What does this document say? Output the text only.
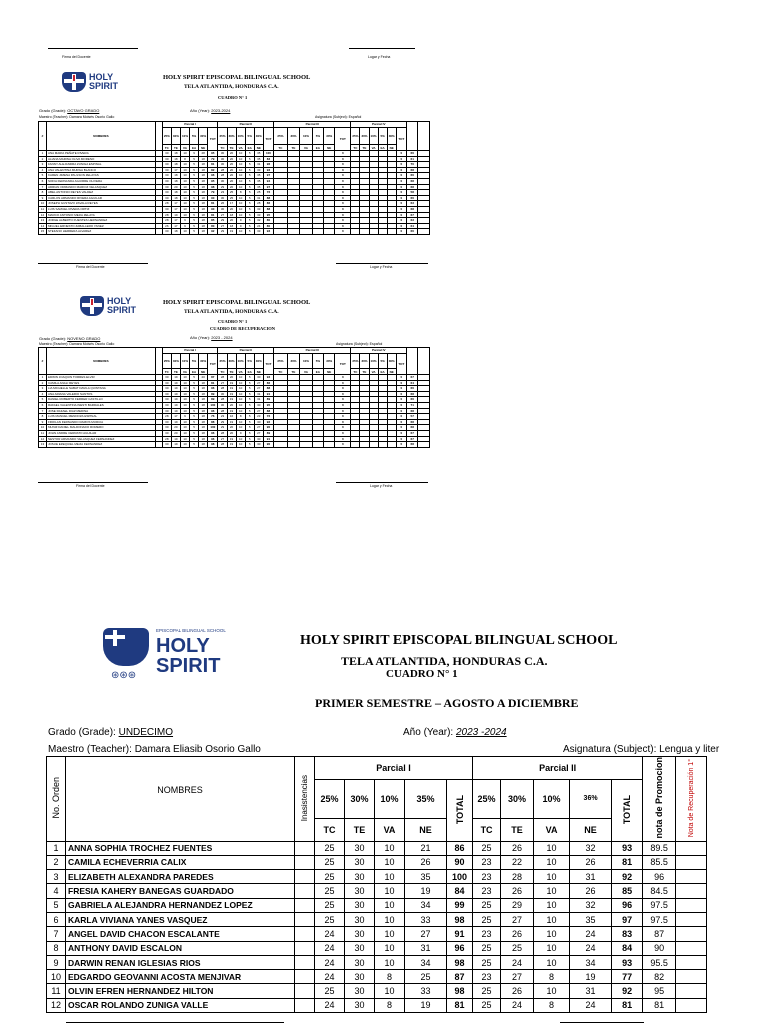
Firma del Docente	Lugar y Fecha
HOLY
SPIRIT
HOLY SPIRIT EPISCOPAL BILINGUAL SCHOOL
TELA ATLANTIDA, HONDURAS C.A.
CUADRO N° 1
Grado (Grade): OCTAVO GRADO	Año (Year): 2023-2024
Maestro (Teacher): Damara Moisés Osorio Gallo	Asignatura (Subject): Español
#	NOMBRES		Parcial I						Parcial II						Parcial III						Parcial IV							
			25%	30%	10%	5%	30%	TOT	25%	30%	10%	5%	30%	TOT	25%	30%	10%	5%	30%	TOT	25%	30%	10%	5%	30%	TOT		
			TC	TE	VA	EA	NE		TC	TE	VA	EA	NE		TC	TE	VA	EA	NE		TC	TE	VA	EA	NE			
1	ANA MARIA PEÑATE RIVERA		30	18	10	9	28	95	30	20	10	5	35	100						0						0	66	
2	ALIANA MARINA OLIVA MORENO		30	18	8	5	18	79	30	20	10	5	35	83						0						0	61	
3	FANNY ALEJANDRA ZUNIGA ESPINAL		30	18	10	5	18	81	30	20	10	5	31	96						0						0	70	
4	ANA VALENTINA MURGA BLANCO		30	17	10	5	18	82	28	20	10	5	33	93						0						0	68	
5	KAREN JIMENA PAULSON ZELAYAS		30	18	10	5	18	96	28	20	10	5	35	97						0						0	66	
6	SOFIA FERNANDA AGUIRRE OLIVERA		30	18	10	5	18	95	30	20	10	5	35	94						0						0	68	
7	ADRIAN ORMANDO MARIOZ VELASQUEZ		30	20	10	5	18	98	29	20	10	5	35	97						0						0	68	
8	ABEL ANTONIO REYES VALDEZ		30	18	10	5	18	79	23	25	8	5	25	76						0						0	58	
9	CARLOS ARMANDO RIVERA AGUILAR		30	18	10	5	18	90	30	25	10	5	31	88						0						0	66	
10	JOSEPH GUSTAVO ZAVALA REYES		28	17	10	5	18	81	26	17	10	5	28	86						0						0	63	
11	LUIS SAMUEL RIVERA ORTIZ		30	17	10	5	18	90	30	20	10	5	33	88						0						0	68	
12	MARCO ANTONIO MEJIA ZELAYA		28	19	10	5	18	81	27	18	10	5	33	95						0						0	67	
13	JORGE ALBERTO FUENTES HERNANDEZ		28	17	9	5	18	85	29	20	9	5	32	80						0						0	63	
14	MIGUEL ERNESTO ZABALLERO YANEZ		26	17	9	5	18	80	27	18	9	5	24	80						0						0	64	
15	STEFANO HERRERA ALVAREZ		30	18	10	5	18	92	29	19	10	5	33	93						0						0	66	
Firma del Docente	Lugar y Fecha
HOLY
SPIRIT
HOLY SPIRIT EPISCOPAL BILINGUAL SCHOOL
TELA ATLANTIDA, HONDURAS C.A.
CUADRO N° 1
CUADRO DE RECUPERACION
Grado (Grade): NOVENO GRADO	Año (Year): 2023 - 2024
Maestro (Teacher): Damara Moisés Osorio Gallo	Asignatura (Subject): Español
#	NOMBRES		Parcial I						Parcial II						Parcial III						Parcial IV							
			25%	30%	10%	5%	30%	TOT	25%	30%	10%	5%	30%	TOT	25%	30%	10%	5%	30%	TOT	25%	30%	10%	5%	30%	TOT		
			TC	TE	VA	EA	NE		TC	TE	VA	EA	NE		TC	TE	VA	EA	NE		TC	TE	VA	EA	NE			
1	EDWIN JOAQUIN TORRES ELVIR		30	19	10	5	20	87	28	20	10	5	30	93						0						0	67	
2	CAMILA ANALI REYES		30	19	10	5	18	81	27	19	10	5	27	86						0						0	64	
3	LIA MICHELLE SABAT DAVILA QUINTANA		30	19	10	5	18	96	28	19	10	5	27	88						0						0	66	
4	ANA ARIANA VALERIO SANTOS		30	19	10	5	18	89	30	19	10	5	31	91						0						0	68	
5	DANIEL ROBERTO FERRER CASTILLO		30	19	10	5	18	89	28	19	10	5	31	89						0						0	66	
6	RAFAEL VALENTINA INESTI BARDALES		30	19	10	5	18	100	30	20	10	5	30	95						0						0	71	
7	JOSE RAFAEL DIAZ MEDINA		30	19	10	5	18	96	28	19	10	5	27	88						0						0	68	
8	LUIS MANUEL MENDOZA ESPINAL		28	17	9	5	18	76	23	16	8	5	23	76						0						0	57	
9	FROILAN FERNANDO RAMOS MURCIA		30	19	10	5	18	88	29	19	10	5	30	92						0						0	68	
10	MUNIZ DANIEL MALDONADO ROMERO		30	20	10	5	18	100	29	20	10	5	27	90						0						0	68	
11	JOHN ANDRE CERRATO AGUILAR		30	20	10	5	18	96	28	20	9	5	27	89						0						0	67	
12	NESTOR ARMANDO VELASQUEZ FERNANDEZ		28	19	10	5	18	96	27	19	10	5	30	91						0						0	67	
13	JOSUE EZEQUIEL MEJIA FERNANDEZ		30	19	10	5	18	98	28	19	10	5	30	90						0						0	68	
Firma del Docente	Lugar y Fecha
EPISCOPAL BILINGUAL SCHOOL
HOLY
SPIRIT
⊛⊛⊛
HOLY SPIRIT EPISCOPAL BILINGUAL SCHOOL
TELA ATLANTIDA, HONDURAS C.A.
CUADRO N° 1
PRIMER SEMESTRE – AGOSTO A DICIEMBRE
Grado (Grade): UNDECIMO	Año (Year): 2023 -2024
Maestro (Teacher): Damara Eliasib Osorio Gallo	Asignatura (Subject): Lengua y liter
No. Orden	NOMBRES	Inasistencias	Parcial I					Parcial II					nota de Promocion	Nota de Recuperación 1°
			25%	30%	10%	35%	TOTAL	25%	30%	10%	36%	TOTAL		
			TC	TE	VA	NE		TC	TE	VA	NE			
1	ANNA SOPHIA TROCHEZ FUENTES		25	30	10	21	86	25	26	10	32	93	89.5	
2	CAMILA ECHEVERRIA CALIX		25	30	10	26	90	23	22	10	26	81	85.5	
3	ELIZABETH ALEXANDRA PAREDES		25	30	10	35	100	23	28	10	31	92	96	
4	FRESIA KAHERY BANEGAS GUARDADO		25	30	10	19	84	23	26	10	26	85	84.5	
5	GABRIELA ALEJANDRA HERNANDEZ LOPEZ		25	30	10	34	99	25	29	10	32	96	97.5	
6	KARLA VIVIANA YANES VASQUEZ		25	30	10	33	98	25	27	10	35	97	97.5	
7	ANGEL DAVID CHACON ESCALANTE		24	30	10	27	91	23	26	10	24	83	87	
8	ANTHONY DAVID ESCALON		24	30	10	31	96	25	25	10	24	84	90	
9	DARWIN RENAN IGLESIAS RIOS		24	30	10	34	98	25	24	10	34	93	95.5	
10	EDGARDO GEOVANNI ACOSTA MENJIVAR		24	30	8	25	87	23	27	8	19	77	82	
11	OLVIN EFREN HERNANDEZ HILTON		25	30	10	33	98	25	26	10	31	92	95	
12	OSCAR ROLANDO ZUNIGA VALLE		24	30	8	19	81	25	24	8	24	81	81	
